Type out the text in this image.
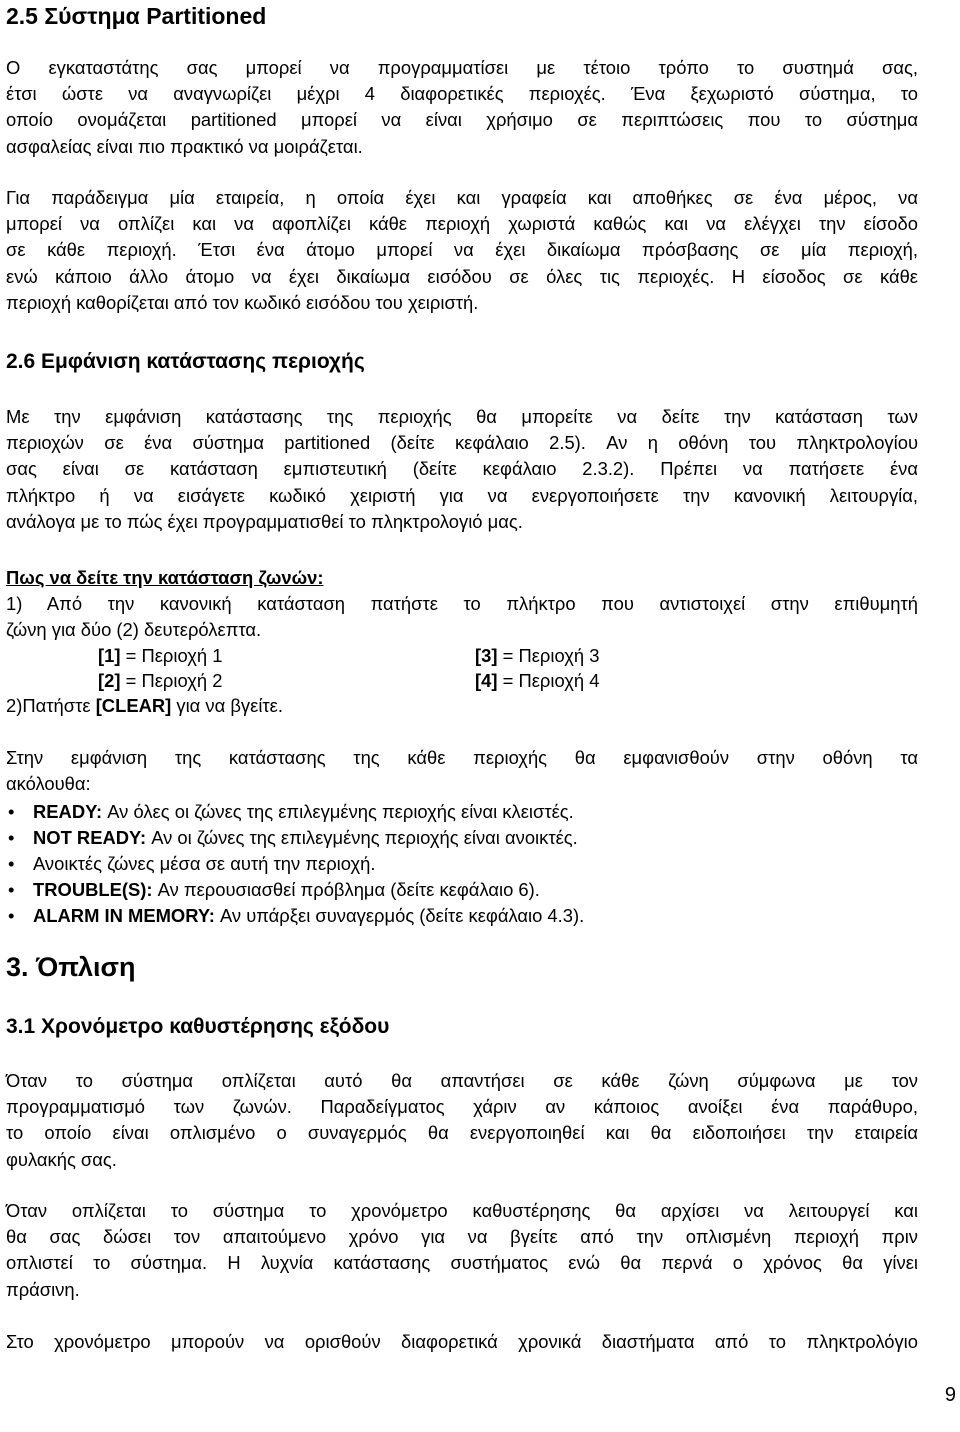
2.5 Σύστημα Partitioned
Ο εγκαταστάτης σας μπορεί να προγραμματίσει με τέτοιο τρόπο το συστημά σας,
έτσι ώστε να αναγνωρίζει μέχρι 4 διαφορετικές περιοχές. Ένα ξεχωριστό σύστημα, το
οποίο ονομάζεται partitioned μπορεί να είναι χρήσιμο σε περιπτώσεις που το σύστημα
ασφαλείας είναι πιο πρακτικό να μοιράζεται.
Για παράδειγμα μία εταιρεία, η οποία έχει και γραφεία και αποθήκες σε ένα μέρος, να
μπορεί να οπλίζει και να αφοπλίζει κάθε περιοχή χωριστά καθώς και να ελέγχει την είσοδο
σε κάθε περιοχή. Έτσι ένα άτομο μπορεί να έχει δικαίωμα πρόσβασης σε μία περιοχή,
ενώ κάποιο άλλο άτομο να έχει δικαίωμα εισόδου σε όλες τις περιοχές. Η είσοδος σε κάθε
περιοχή καθορίζεται από τον κωδικό εισόδου του χειριστή.
2.6 Εμφάνιση κατάστασης περιοχής
Με την εμφάνιση κατάστασης της περιοχής θα μπορείτε να δείτε την κατάσταση των
περιοχών σε ένα σύστημα partitioned (δείτε κεφάλαιο 2.5). Αν η οθόνη του πληκτρολογίου
σας είναι σε κατάσταση εμπιστευτική (δείτε κεφάλαιο 2.3.2). Πρέπει να πατήσετε ένα
πλήκτρο ή να εισάγετε κωδικό χειριστή για να ενεργοποιήσετε την κανονική λειτουργία,
ανάλογα με το πώς έχει προγραμματισθεί το πληκτρολογιό μας.
Πως να δείτε την κατάσταση ζωνών:
1) Από την κανονική κατάσταση πατήστε το πλήκτρο που αντιστοιχεί στην επιθυμητή
ζώνη για δύο (2) δευτερόλεπτα.
[1] = Περιοχή 1	[3] = Περιοχή 3
[2] = Περιοχή 2	[4] = Περιοχή 4
2)Πατήστε [CLEAR] για να βγείτε.
Στην εμφάνιση της κατάστασης της κάθε περιοχής θα εμφανισθούν στην οθόνη τα
ακόλουθα:
• READY: Αν όλες οι ζώνες της επιλεγμένης περιοχής είναι κλειστές.
• NOT READY: Αν οι ζώνες της επιλεγμένης περιοχής είναι ανοικτές.
• Ανοικτές ζώνες μέσα σε αυτή την περιοχή.
• TROUBLE(S): Αν περουσιασθεί πρόβλημα (δείτε κεφάλαιο 6).
• ALARM IN MEMORY: Αν υπάρξει συναγερμός (δείτε κεφάλαιο 4.3).
3. Όπλιση
3.1 Χρονόμετρο καθυστέρησης εξόδου
Όταν το σύστημα οπλίζεται αυτό θα απαντήσει σε κάθε ζώνη σύμφωνα με τον
προγραμματισμό των ζωνών. Παραδείγματος χάριν αν κάποιος ανοίξει ένα παράθυρο,
το οποίο είναι οπλισμένο ο συναγερμός θα ενεργοποιηθεί και θα ειδοποιήσει την εταιρεία
φυλακής σας.
Όταν οπλίζεται το σύστημα το χρονόμετρο καθυστέρησης θα αρχίσει να λειτουργεί και
θα σας δώσει τον απαιτούμενο χρόνο για να βγείτε από την οπλισμένη περιοχή πριν
οπλιστεί το σύστημα. Η λυχνία κατάστασης συστήματος ενώ θα περνά ο χρόνος θα γίνει
πράσινη.
Στο χρονόμετρο μπορούν να ορισθούν διαφορετικά χρονικά διαστήματα από το πληκτρολόγιο
9
